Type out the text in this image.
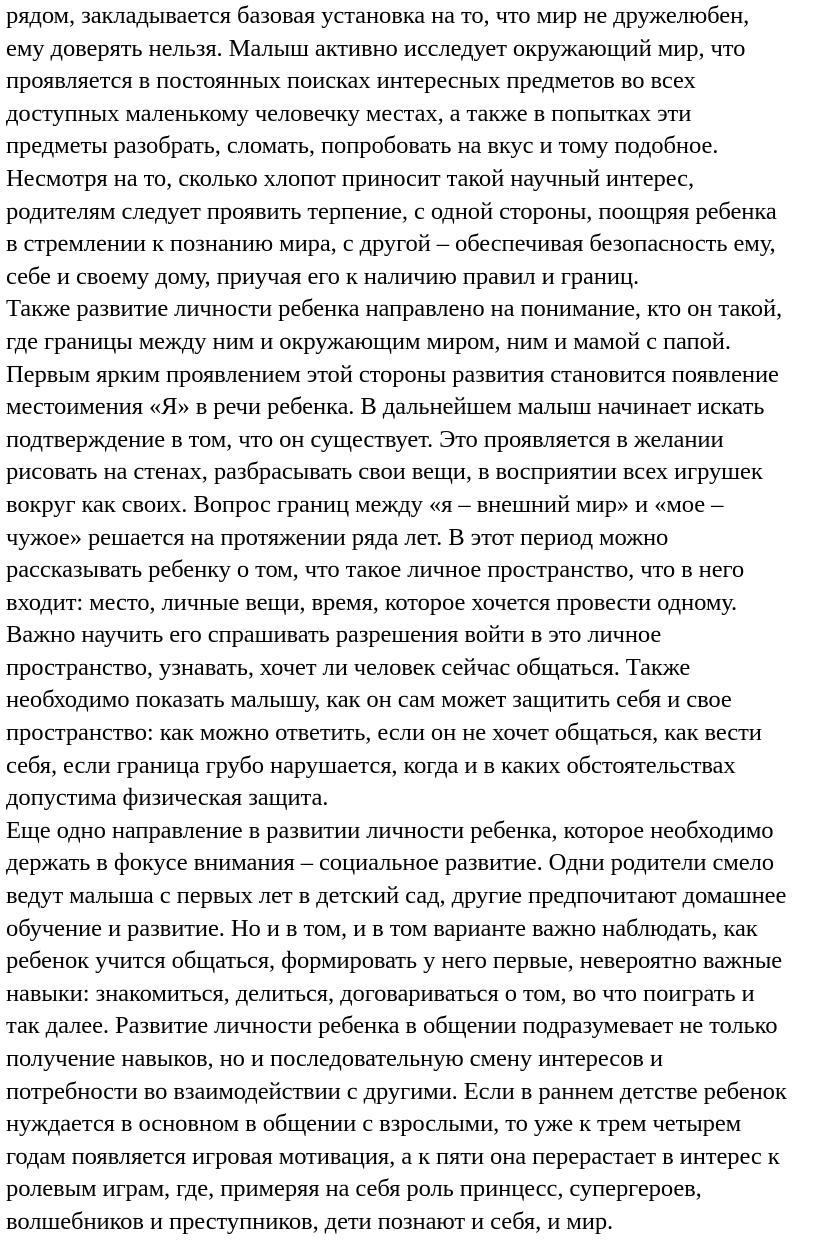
рядом, закладывается базовая установка на то, что мир не дружелюбен,
ему доверять нельзя. Малыш активно исследует окружающий мир, что
проявляется в постоянных поисках интересных предметов во всех
доступных маленькому человечку местах, а также в попытках эти
предметы разобрать, сломать, попробовать на вкус и тому подобное.
Несмотря на то, сколько хлопот приносит такой научный интерес,
родителям следует проявить терпение, с одной стороны, поощряя ребенка
в стремлении к познанию мира, с другой – обеспечивая безопасность ему,
себе и своему дому, приучая его к наличию правил и границ.
Также развитие личности ребенка направлено на понимание, кто он такой,
где границы между ним и окружающим миром, ним и мамой с папой.
Первым ярким проявлением этой стороны развития становится появление
местоимения «Я» в речи ребенка. В дальнейшем малыш начинает искать
подтверждение в том, что он существует. Это проявляется в желании
рисовать на стенах, разбрасывать свои вещи, в восприятии всех игрушек
вокруг как своих. Вопрос границ между «я – внешний мир» и «мое –
чужое» решается на протяжении ряда лет. В этот период можно
рассказывать ребенку о том, что такое личное пространство, что в него
входит: место, личные вещи, время, которое хочется провести одному.
Важно научить его спрашивать разрешения войти в это личное
пространство, узнавать, хочет ли человек сейчас общаться. Также
необходимо показать малышу, как он сам может защитить себя и свое
пространство: как можно ответить, если он не хочет общаться, как вести
себя, если граница грубо нарушается, когда и в каких обстоятельствах
допустима физическая защита.
Еще одно направление в развитии личности ребенка, которое необходимо
держать в фокусе внимания – социальное развитие. Одни родители смело
ведут малыша с первых лет в детский сад, другие предпочитают домашнее
обучение и развитие. Но и в том, и в том варианте важно наблюдать, как
ребенок учится общаться, формировать у него первые, невероятно важные
навыки: знакомиться, делиться, договариваться о том, во что поиграть и
так далее. Развитие личности ребенка в общении подразумевает не только
получение навыков, но и последовательную смену интересов и
потребности во взаимодействии с другими. Если в раннем детстве ребенок
нуждается в основном в общении с взрослыми, то уже к трем четырем
годам появляется игровая мотивация, а к пяти она перерастает в интерес к
ролевым играм, где, примеряя на себя роль принцесс, супергероев,
волшебников и преступников, дети познают и себя, и мир.
